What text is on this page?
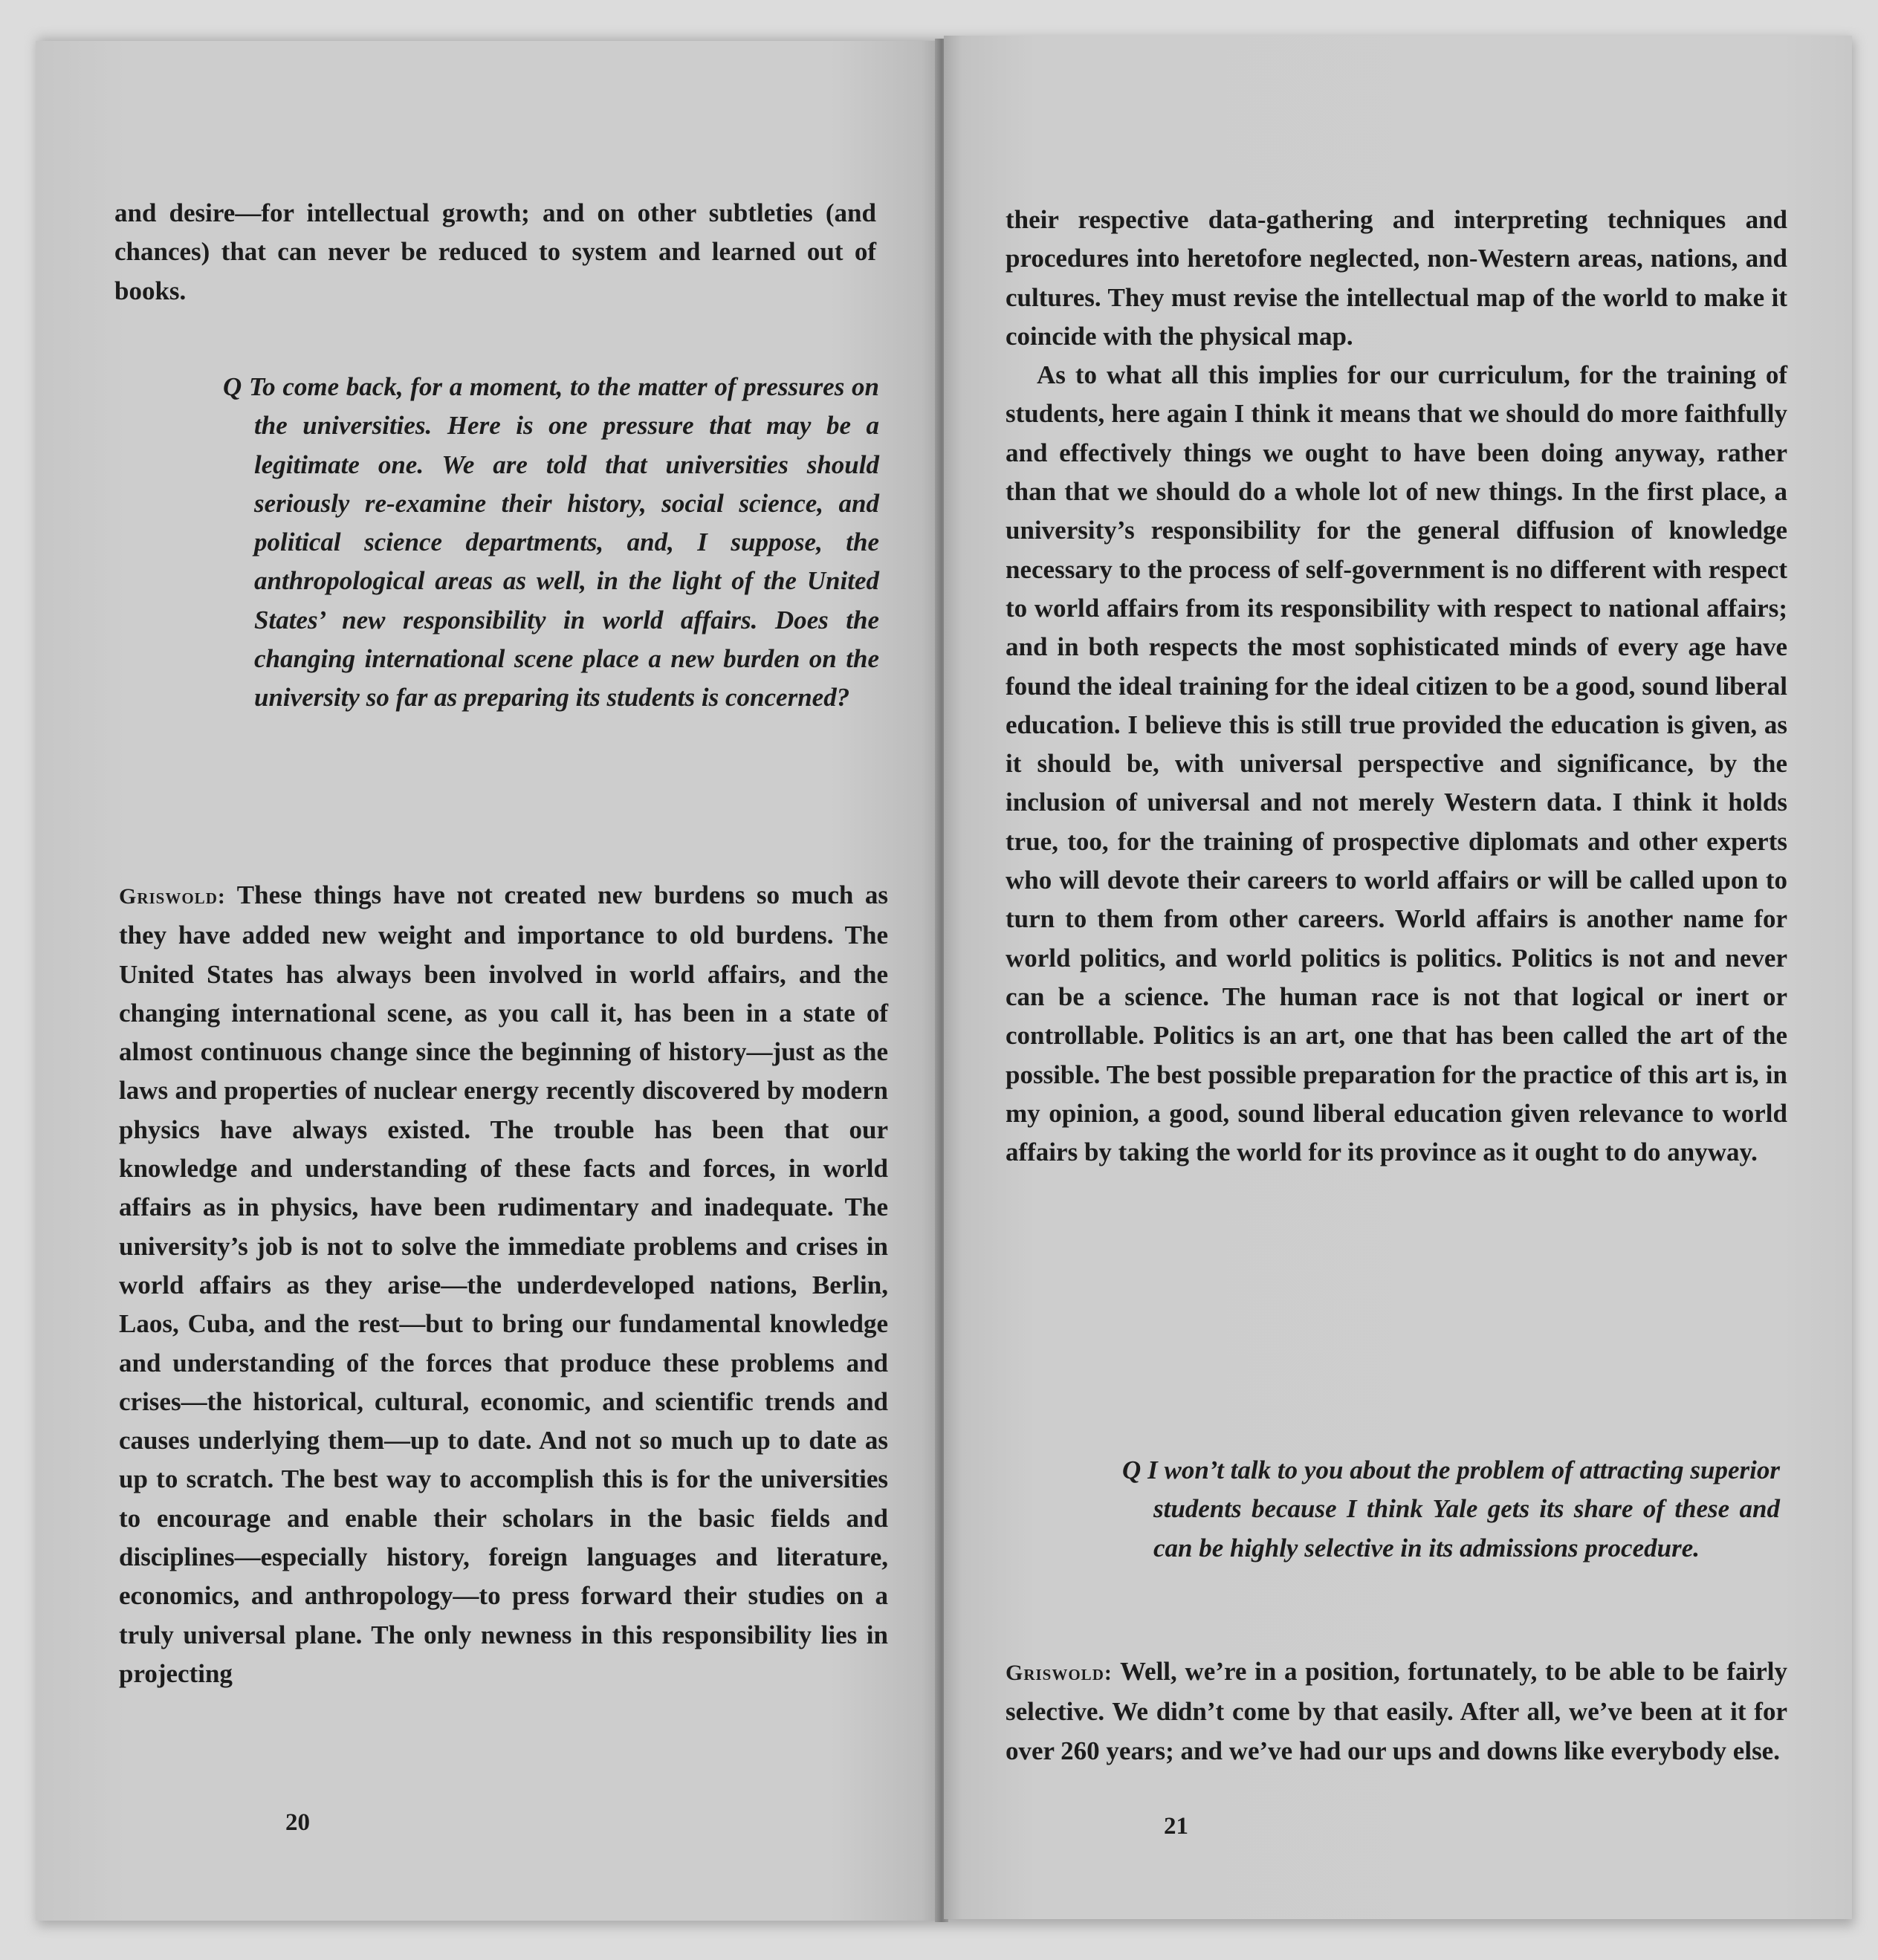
and desire—for intellectual growth; and on other subtleties (and chances) that can never be reduced to system and learned out of books.

Q To come back, for a moment, to the matter of pressures on the universities. Here is one pressure that may be a legitimate one. We are told that universities should seriously re-examine their history, social science, and political science departments, and, I suppose, the anthropological areas as well, in the light of the United States’ new responsibility in world affairs. Does the changing international scene place a new burden on the university so far as preparing its students is concerned?

Griswold: These things have not created new burdens so much as they have added new weight and importance to old burdens. The United States has always been involved in world affairs, and the changing international scene, as you call it, has been in a state of almost continuous change since the beginning of history—just as the laws and properties of nuclear energy recently discovered by modern physics have always existed. The trouble has been that our knowledge and understanding of these facts and forces, in world affairs as in physics, have been rudimentary and inadequate. The university’s job is not to solve the immediate problems and crises in world affairs as they arise—the underdeveloped nations, Berlin, Laos, Cuba, and the rest—but to bring our fundamental knowledge and understanding of the forces that produce these problems and crises—the historical, cultural, economic, and scientific trends and causes underlying them—up to date. And not so much up to date as up to scratch. The best way to accomplish this is for the universities to encourage and enable their scholars in the basic fields and disciplines—especially history, foreign languages and literature, economics, and anthropology—to press forward their studies on a truly universal plane. The only newness in this responsibility lies in projecting

20

their respective data-gathering and interpreting techniques and procedures into heretofore neglected, non-Western areas, nations, and cultures. They must revise the intellectual map of the world to make it coincide with the physical map.

As to what all this implies for our curriculum, for the training of students, here again I think it means that we should do more faithfully and effectively things we ought to have been doing anyway, rather than that we should do a whole lot of new things. In the first place, a university’s responsibility for the general diffusion of knowledge necessary to the process of self-government is no different with respect to world affairs from its responsibility with respect to national affairs; and in both respects the most sophisticated minds of every age have found the ideal training for the ideal citizen to be a good, sound liberal education. I believe this is still true provided the education is given, as it should be, with universal perspective and significance, by the inclusion of universal and not merely Western data. I think it holds true, too, for the training of prospective diplomats and other experts who will devote their careers to world affairs or will be called upon to turn to them from other careers. World affairs is another name for world politics, and world politics is politics. Politics is not and never can be a science. The human race is not that logical or inert or controllable. Politics is an art, one that has been called the art of the possible. The best possible preparation for the practice of this art is, in my opinion, a good, sound liberal education given relevance to world affairs by taking the world for its province as it ought to do anyway.

Q I won’t talk to you about the problem of attracting superior students because I think Yale gets its share of these and can be highly selective in its admissions procedure.

Griswold: Well, we’re in a position, fortunately, to be able to be fairly selective. We didn’t come by that easily. After all, we’ve been at it for over 260 years; and we’ve had our ups and downs like everybody else.

21
